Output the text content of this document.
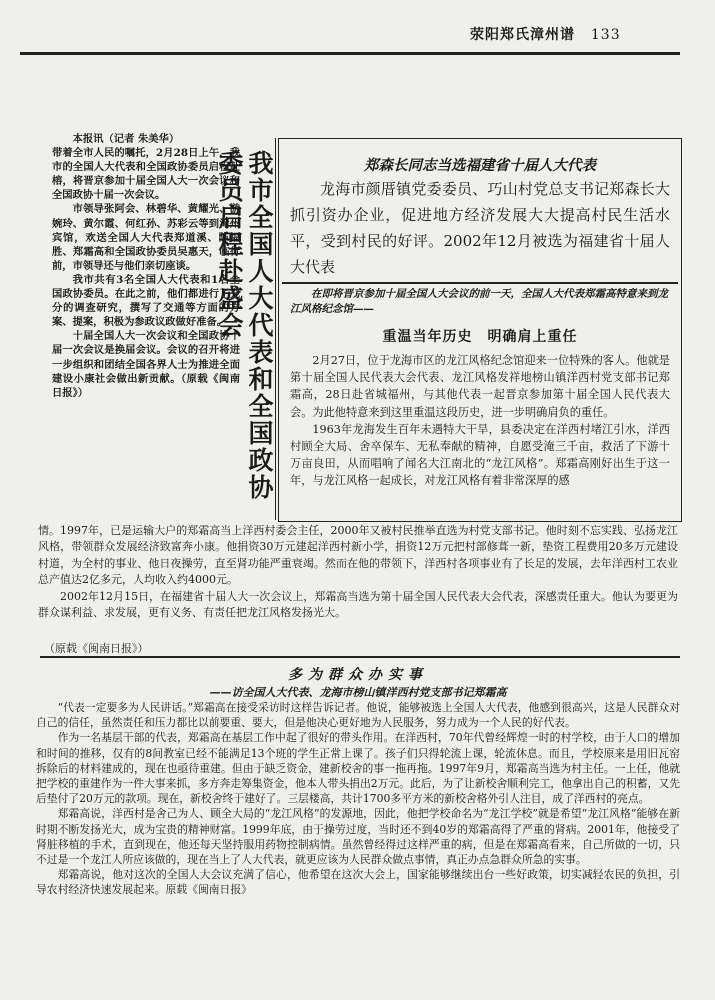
荥阳郑氏漳州谱 133

本报讯（记者 朱美华）

带着全市人民的嘱托，2月28日上午，我市的全国人大代表和全国政协委员启程赴榕，将晋京参加十届全国人大一次会议和全国政协十届一次会议。

市领导张阿会、林碧华、黄耀光、游婉玲、黄尔霞、何红孙、苏彩云等到漳州宾馆，欢送全国人大代表郑道溪、陈福胜、郑霜高和全国政协委员吴惠天，临行前，市领导还与他们亲切座谈。

我市共有3名全国人大代表和1名全国政协委员。在此之前，他们都进行了充分的调查研究，撰写了交通等方面的方案、提案，积极为参政议政做好准备。

十届全国人大一次会议和全国政协十届一次会议是换届会议。会议的召开将进一步组织和团结全国各界人士为推进全面建设小康社会做出新贡献。（原载《闽南日报》）	我市全国人大代表和全国政协委员启程赴盛会	郑森长同志当选福建省十届人大代表
龙海市颜厝镇党委委员、巧山村党总支书记郑森长大抓引资办企业，促进地方经济发展大大提高村民生活水平，受到村民的好评。2002年12月被选为福建省十届人大代表
在即将晋京参加十届全国人大会议的前一天，全国人大代表郑霜高特意来到龙江风格纪念馆——
重温当年历史　明确肩上重任

2月27日，位于龙海市区的龙江风格纪念馆迎来一位特殊的客人。他就是第十届全国人民代表大会代表、龙江风格发祥地榜山镇洋西村党支部书记郑霜高，28日赴省城福州，与其他代表一起晋京参加第十届全国人民代表大会。为此他特意来到这里重温这段历史，进一步明确肩负的重任。

1963年龙海发生百年未遇特大干旱，县委决定在洋西村堵江引水，洋西村顾全大局、舍卒保车、无私奉献的精神，自愿受淹三千亩，救活了下游十万亩良田，从而唱响了闻名大江南北的“龙江风格”。郑霜高刚好出生于这一年，与龙江风格一起成长，对龙江风格有着非常深厚的感

情。1997年，已是运输大户的郑霜高当上洋西村委会主任，2000年又被村民推举直选为村党支部书记。他时刻不忘实践、弘扬龙江风格，带领群众发展经济致富奔小康。他捐资30万元建起洋西村新小学，捐资12万元把村部修葺一新，垫资工程费用20多万元建设村道，为全村的事业、他日夜操劳，直至肾功能严重衰竭。然而在他的带领下，洋西村各项事业有了长足的发展，去年洋西村工农业总产值达2亿多元，人均收入约4000元。

2002年12月15日，在福建省十届人大一次会议上，郑霜高当选为第十届全国人民代表大会代表，深感责任重大。他认为要更为群众谋利益、求发展，更有义务、有责任把龙江风格发扬光大。

（原载《闽南日报》）
多为群众办实事
——访全国人大代表、龙海市榜山镇洋西村党支部书记郑霜高

“代表一定要多为人民讲话。”郑霜高在接受采访时这样告诉记者。他说，能够被选上全国人大代表，他感到很高兴，这是人民群众对自己的信任，虽然责任和压力都比以前要重、要大，但是他决心更好地为人民服务，努力成为一个人民的好代表。

作为一名基层干部的代表，郑霜高在基层工作中起了很好的带头作用。在洋西村，70年代曾经辉煌一时的村学校，由于人口的增加和时间的推移，仅有的8间教室已经不能满足13个班的学生正常上课了。孩子们只得轮流上课，轮流休息。而且，学校原来是用旧瓦窑拆除后的材料建成的，现在也亟待重建。但由于缺乏资金，建新校舍的事一拖再拖。1997年9月，郑霜高当选为村主任。一上任，他就把学校的重建作为一件大事来抓，多方奔走筹集资金，他本人带头捐出2万元。此后，为了让新校舍顺利完工，他拿出自己的积蓄，又先后垫付了20万元的款项。现在，新校舍终于建好了。三层楼高，共计1700多平方米的新校舍格外引人注目，成了洋西村的亮点。

郑霜高说，洋西村是舍己为人、顾全大局的“龙江风格”的发源地，因此，他把学校命名为“龙江学校”就是希望“龙江风格”能够在新时期不断发扬光大，成为宝贵的精神财富。1999年底，由于操劳过度，当时还不到40岁的郑霜高得了严重的肾病。2001年，他接受了肾脏移植的手术，直到现在，他还每天坚持服用药物控制病情。虽然曾经得过这样严重的病，但是在郑霜高看来，自己所做的一切，只不过是一个龙江人所应该做的，现在当上了人大代表，就更应该为人民群众做点事情，真正办点急群众所急的实事。

郑霜高说，他对这次的全国人大会议充满了信心，他希望在这次大会上，国家能够继续出台一些好政策，切实减轻农民的负担，引导农村经济快速发展起来。原载《闽南日报》
